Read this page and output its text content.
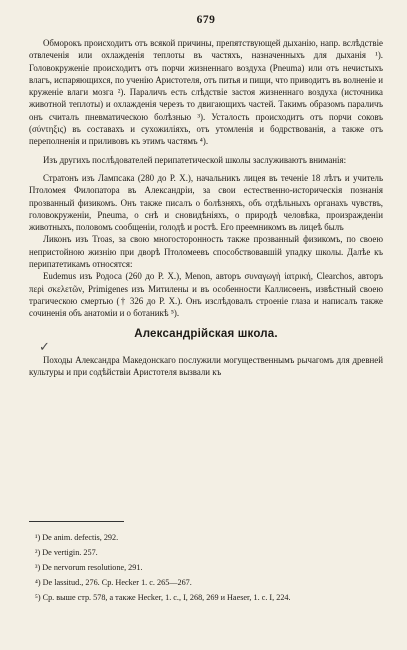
679

Обморокъ происходитъ отъ всякой причины, препятствующей дыханію, напр. вслѣдствіе отвлеченія или охлажденія теплоты въ частяхъ, назначенныхъ для дыханія ¹). Головокруженіе происходитъ отъ порчи жизненнаго воздуха (Pneuma) или отъ нечистыхъ влагъ, испаряющихся, по ученію Аристотеля, отъ питья и пищи, что приводитъ въ волненіе и круженіе влаги мозга ²). Параличъ есть слѣдствіе застоя жизненнаго воздуха (источника животной теплоты) и охлажденія черезъ то двигающихъ частей. Такимъ образомъ параличъ онъ считалъ пневматическою болѣзнью ³). Усталость происходитъ отъ порчи соковъ (σύντηξις) въ составахъ и сухожиліяхъ, отъ утомленія и бодрствованія, а также отъ переполненія и приливовъ къ этимъ частямъ ⁴).

Изъ другихъ послѣдователей перипатетической школы заслуживаютъ вниманія:

Стратонъ изъ Лампсака (280 до Р. Х.), начальникъ лицея въ теченіе 18 лѣтъ и учитель Птоломея Филопатора въ Александріи, за свои естественно-историческія познанія прозванный физикомъ. Онъ также писалъ о болѣзняхъ, объ отдѣльныхъ органахъ чувствъ, головокруженіи, Pneuma, о снѣ и сновидѣніяхъ, о природѣ человѣка, произражденіи животныхъ, половомъ сообщеніи, голодѣ и ростѣ. Его преемникомъ въ лицеѣ былъ

Ликонъ изъ Troas, за свою многосторонность также прозванный физикомъ, по своею непристойною жизнію при дворѣ Птоломеевъ способствовавшій упадку школы. Далѣе къ перипатетикамъ относятся:

Eudemus изъ Родоса (260 до Р. Х.), Menon, авторъ συναγωγὴ ἰατρική, Clearchos, авторъ περὶ σκελετῶν, Primigenes изъ Митилены и въ особенности Каллисѳенъ, извѣстный своею трагическою смертью († 326 до Р. Х.). Онъ изслѣдовалъ строеніе глаза и написалъ также сочиненія объ анатоміи и о ботаникѣ ⁵).

Александрійская школа.
✓

Походы Александра Македонскаго послужили могущественнымъ рычагомъ для древней культуры и при содѣйствіи Аристотеля вызвали къ

¹) De anim. defectis, 292.

²) De vertigin. 257.

³) De nervorum resolutione, 291.

⁴) De lassitud., 276. Cp. Hecker 1. c. 265—267.

⁵) Cp. выше стр. 578, а также Hecker, 1. c., I, 268, 269 и Haeser, 1. c. I, 224.
